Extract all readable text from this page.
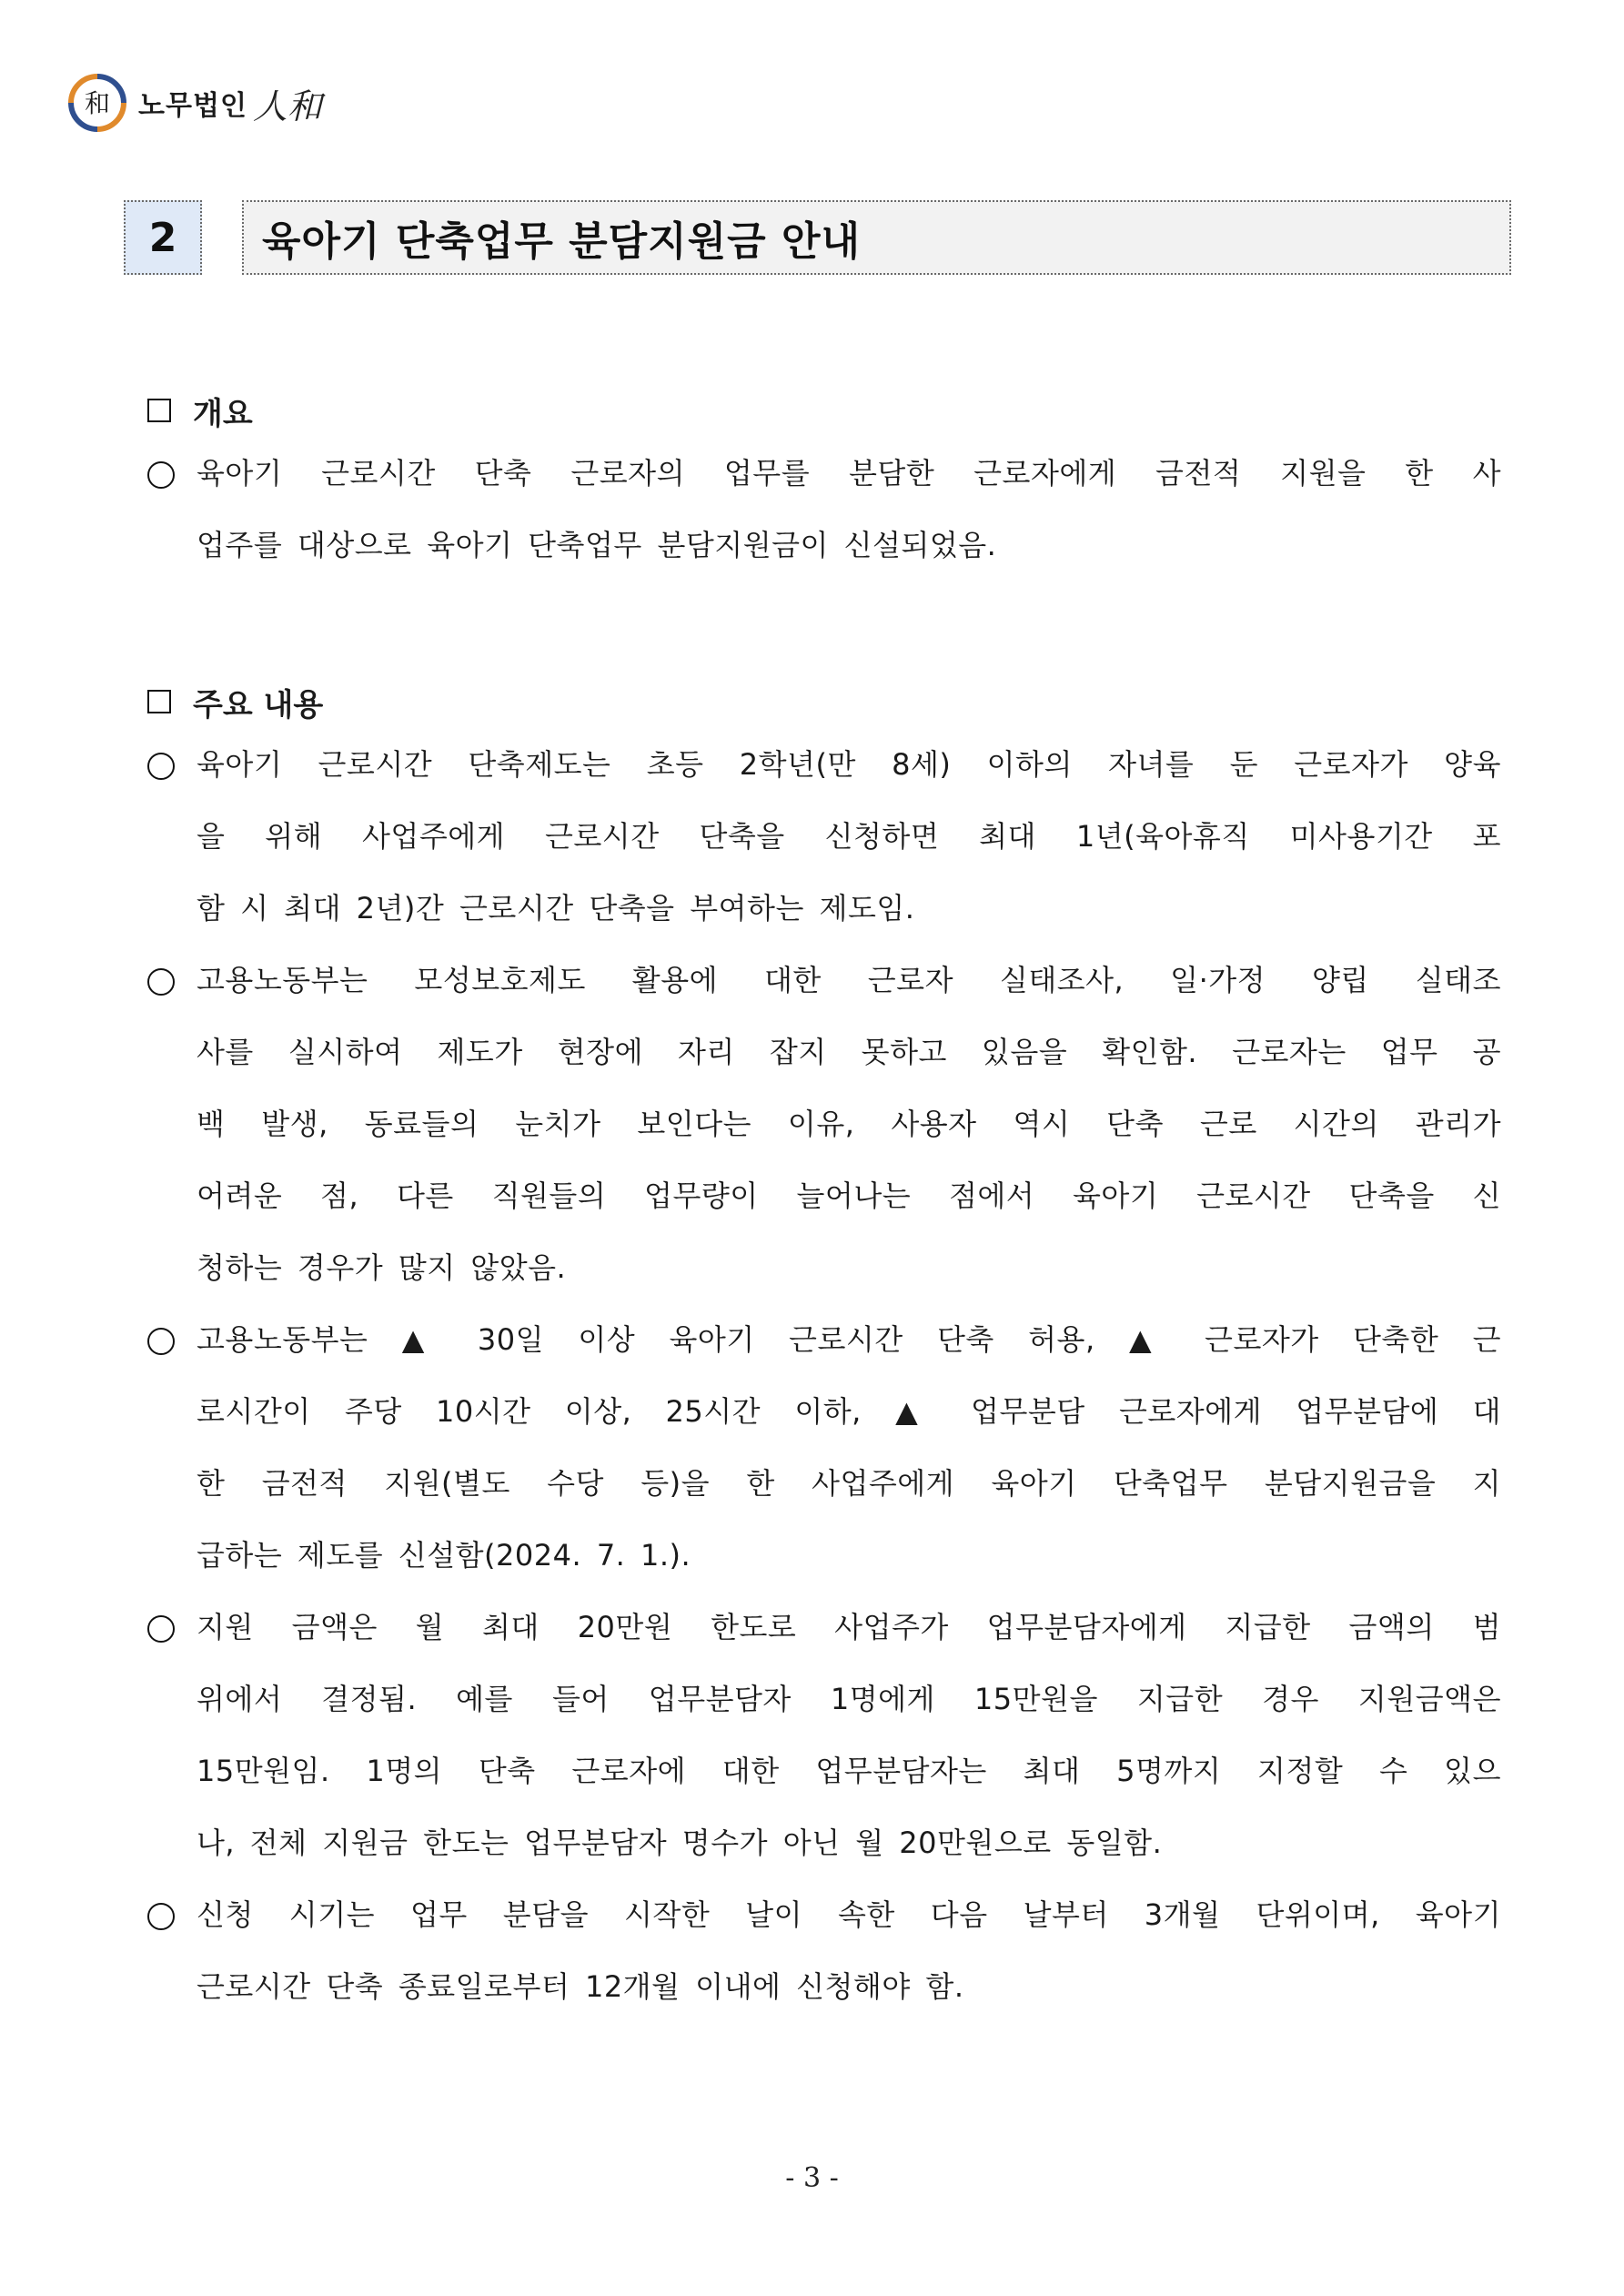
和 노무법인 人和
2	육아기 단축업무 분담지원금 안내
개요
육아기 근로시간 단축 근로자의 업무를 분담한 근로자에게 금전적 지원을 한 사
업주를 대상으로 육아기 단축업무 분담지원금이 신설되었음.
주요 내용
육아기 근로시간 단축제도는 초등 2학년(만 8세) 이하의 자녀를 둔 근로자가 양육
을 위해 사업주에게 근로시간 단축을 신청하면 최대 1년(육아휴직 미사용기간 포
함 시 최대 2년)간 근로시간 단축을 부여하는 제도임.
고용노동부는 모성보호제도 활용에 대한 근로자 실태조사, 일·가정 양립 실태조
사를 실시하여 제도가 현장에 자리 잡지 못하고 있음을 확인함. 근로자는 업무 공
백 발생, 동료들의 눈치가 보인다는 이유, 사용자 역시 단축 근로 시간의 관리가
어려운 점, 다른 직원들의 업무량이 늘어나는 점에서 육아기 근로시간 단축을 신
청하는 경우가 많지 않았음.
고용노동부는 ▲ 30일 이상 육아기 근로시간 단축 허용, ▲ 근로자가 단축한 근
로시간이 주당 10시간 이상, 25시간 이하, ▲ 업무분담 근로자에게 업무분담에 대
한 금전적 지원(별도 수당 등)을 한 사업주에게 육아기 단축업무 분담지원금을 지
급하는 제도를 신설함(2024. 7. 1.).
지원 금액은 월 최대 20만원 한도로 사업주가 업무분담자에게 지급한 금액의 범
위에서 결정됨. 예를 들어 업무분담자 1명에게 15만원을 지급한 경우 지원금액은
15만원임. 1명의 단축 근로자에 대한 업무분담자는 최대 5명까지 지정할 수 있으
나, 전체 지원금 한도는 업무분담자 명수가 아닌 월 20만원으로 동일함.
신청 시기는 업무 분담을 시작한 날이 속한 다음 날부터 3개월 단위이며, 육아기
근로시간 단축 종료일로부터 12개월 이내에 신청해야 함.
- 3 -
